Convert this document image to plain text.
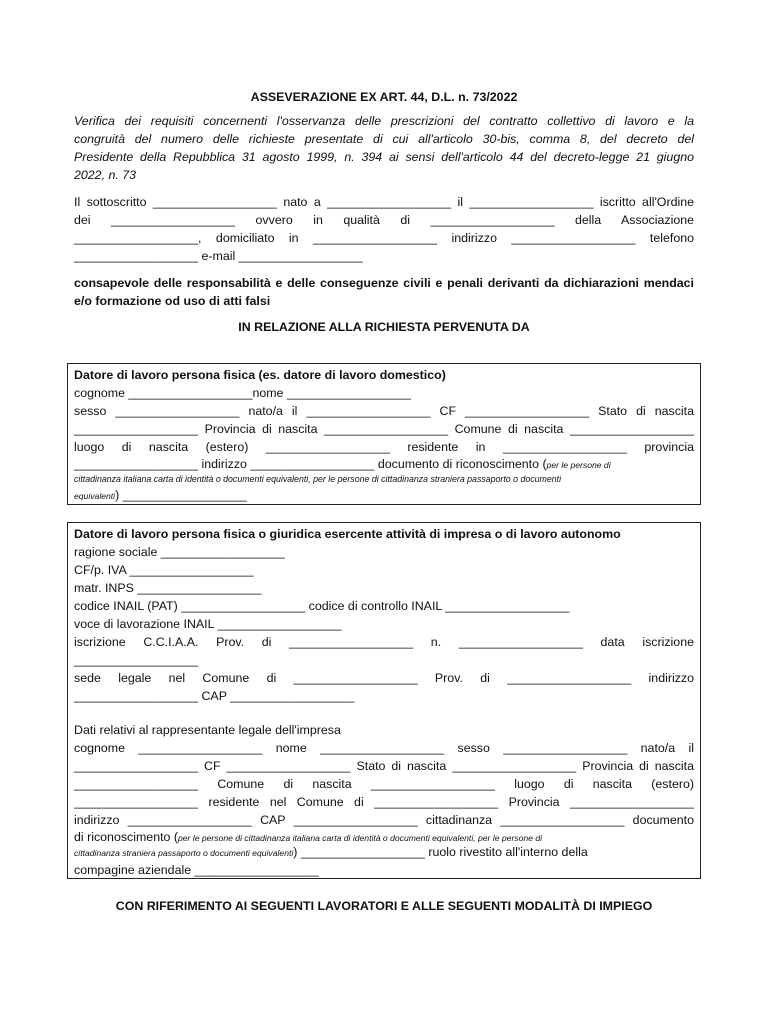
ASSEVERAZIONE EX ART. 44, D.L. n. 73/2022
Verifica dei requisiti concernenti l'osservanza delle prescrizioni del contratto collettivo di lavoro e la
congruità del numero delle richieste presentate di cui all'articolo 30-bis, comma 8, del decreto del
Presidente della Repubblica 31 agosto 1999, n. 394 ai sensi dell'articolo 44 del decreto-legge 21 giugno
2022, n. 73
Il sottoscritto __________________ nato a __________________ il __________________ iscritto all'Ordine
dei __________________ ovvero in qualità di __________________ della Associazione
__________________, domiciliato in __________________ indirizzo __________________ telefono
__________________ e-mail __________________
consapevole delle responsabilità e delle conseguenze civili e penali derivanti da dichiarazioni mendaci
e/o formazione od uso di atti falsi
IN RELAZIONE ALLA RICHIESTA PERVENUTA DA
Datore di lavoro persona fisica (es. datore di lavoro domestico)
cognome __________________nome __________________
sesso __________________ nato/a il __________________ CF __________________ Stato di nascita
__________________ Provincia di nascita __________________ Comune di nascita __________________
luogo di nascita (estero) __________________ residente in __________________ provincia
__________________ indirizzo __________________ documento di riconoscimento (per le persone di
cittadinanza italiana carta di identità o documenti equivalenti, per le persone di cittadinanza straniera passaporto o documenti
equivalenti) __________________
Datore di lavoro persona fisica o giuridica esercente attività di impresa o di lavoro autonomo
ragione sociale __________________
CF/p. IVA __________________
matr. INPS __________________
codice INAIL (PAT) __________________ codice di controllo INAIL __________________
voce di lavorazione INAIL __________________
iscrizione C.C.I.A.A. Prov. di __________________ n. __________________ data iscrizione
__________________
sede legale nel Comune di __________________ Prov. di __________________ indirizzo
__________________ CAP __________________
Dati relativi al rappresentante legale dell'impresa
cognome __________________ nome __________________ sesso __________________ nato/a il
__________________ CF __________________ Stato di nascita __________________ Provincia di nascita
__________________ Comune di nascita __________________ luogo di nascita (estero)
__________________ residente nel Comune di __________________ Provincia __________________
indirizzo __________________ CAP __________________ cittadinanza __________________ documento
di riconoscimento (per le persone di cittadinanza italiana carta di identità o documenti equivalenti, per le persone di
cittadinanza straniera passaporto o documenti equivalenti) __________________ ruolo rivestito all'interno della
compagine aziendale __________________
CON RIFERIMENTO AI SEGUENTI LAVORATORI E ALLE SEGUENTI MODALITÀ DI IMPIEGO
